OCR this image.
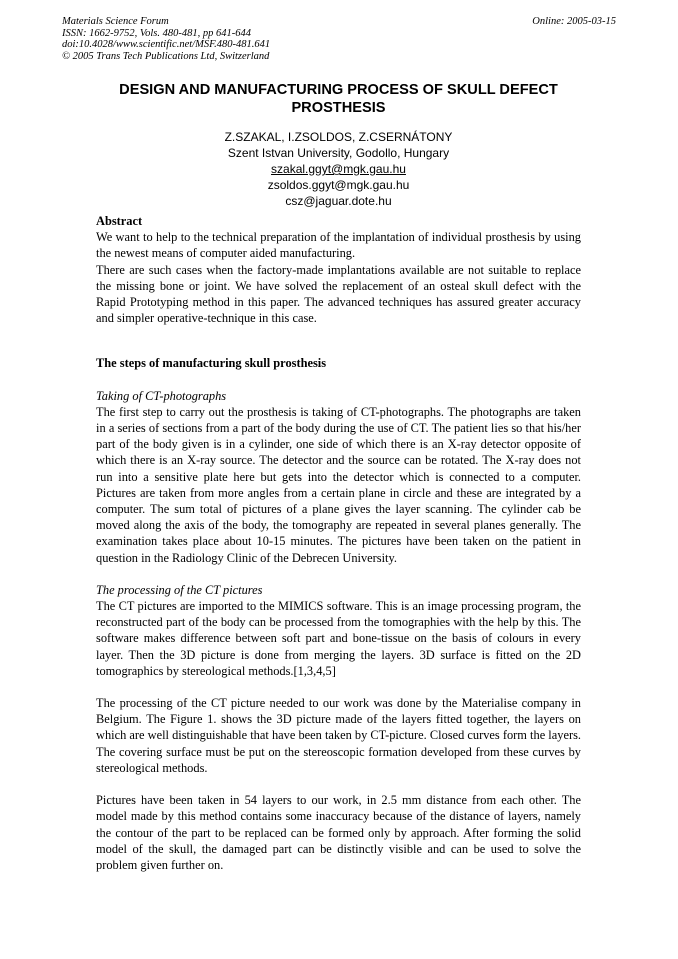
Materials Science Forum
ISSN: 1662-9752, Vols. 480-481, pp 641-644
doi:10.4028/www.scientific.net/MSF.480-481.641
© 2005 Trans Tech Publications Ltd, Switzerland
Online: 2005-03-15
DESIGN AND MANUFACTURING PROCESS OF SKULL DEFECT PROSTHESIS
Z.SZAKAL, I.ZSOLDOS, Z.CSERNÁTONY
Szent Istvan University, Godollo, Hungary
szakal.ggyt@mgk.gau.hu
zsoldos.ggyt@mgk.gau.hu
csz@jaguar.dote.hu

Abstract

We want to help to the technical preparation of the implantation of individual prosthesis by using the newest means of computer aided manufacturing.

There are such cases when the factory-made implantations available are not suitable to replace the missing bone or joint. We have solved the replacement of an osteal skull defect with the Rapid Prototyping method in this paper. The advanced techniques has assured greater accuracy and simpler operative-technique in this case.

The steps of manufacturing skull prosthesis

Taking of CT-photographs

The first step to carry out the prosthesis is taking of CT-photographs. The photographs are taken in a series of sections from a part of the body during the use of CT. The patient lies so that his/her part of the body given is in a cylinder, one side of which there is an X-ray detector opposite of which there is an X-ray source. The detector and the source can be rotated. The X-ray does not run into a sensitive plate here but gets into the detector which is connected to a computer. Pictures are taken from more angles from a certain plane in circle and these are integrated by a computer. The sum total of pictures of a plane gives the layer scanning. The cylinder cab be moved along the axis of the body, the tomography are repeated in several planes generally. The examination takes place about 10-15 minutes. The pictures have been taken on the patient in question in the Radiology Clinic of the Debrecen University.

The processing of the CT pictures

The CT pictures are imported to the MIMICS software. This is an image processing program, the reconstructed part of the body can be processed from the tomographies with the help by this. The software makes difference between soft part and bone-tissue on the basis of colours in every layer. Then the 3D picture is done from merging the layers. 3D surface is fitted on the 2D tomographics by stereological methods.[1,3,4,5]

The processing of the CT picture needed to our work was done by the Materialise company in Belgium. The Figure 1. shows the 3D picture made of the layers fitted together, the layers on which are well distinguishable that have been taken by CT-picture. Closed curves form the layers. The covering surface must be put on the stereoscopic formation developed from these curves by stereological methods.

Pictures have been taken in 54 layers to our work, in 2.5 mm distance from each other. The model made by this method contains some inaccuracy because of the distance of layers, namely the contour of the part to be replaced can be formed only by approach. After forming the solid model of the skull, the damaged part can be distinctly visible and can be used to solve the problem given further on.
